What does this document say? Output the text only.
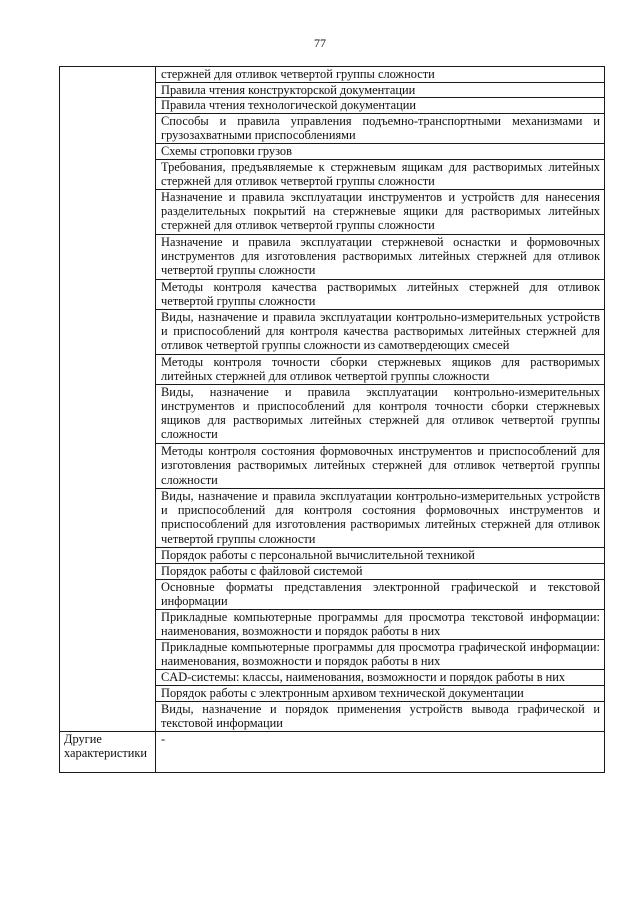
77
	стержней для отливок четвертой группы сложности
	Правила чтения конструкторской документации
	Правила чтения технологической документации
	Способы и правила управления подъемно-транспортными механизмами и грузозахватными приспособлениями
	Схемы строповки грузов
	Требования, предъявляемые к стержневым ящикам для растворимых литейных стержней для отливок четвертой группы сложности
	Назначение и правила эксплуатации инструментов и устройств для нанесения разделительных покрытий на стержневые ящики для растворимых литейных стержней для отливок четвертой группы сложности
	Назначение и правила эксплуатации стержневой оснастки и формовочных инструментов для изготовления растворимых литейных стержней для отливок четвертой группы сложности
	Методы контроля качества растворимых литейных стержней для отливок четвертой группы сложности
	Виды, назначение и правила эксплуатации контрольно-измерительных устройств и приспособлений для контроля качества растворимых литейных стержней для отливок четвертой группы сложности из самотвердеющих смесей
	Методы контроля точности сборки стержневых ящиков для растворимых литейных стержней для отливок четвертой группы сложности
	Виды, назначение и правила эксплуатации контрольно-измерительных инструментов и приспособлений для контроля точности сборки стержневых ящиков для растворимых литейных стержней для отливок четвертой группы сложности
	Методы контроля состояния формовочных инструментов и приспособлений для изготовления растворимых литейных стержней для отливок четвертой группы сложности
	Виды, назначение и правила эксплуатации контрольно-измерительных устройств и приспособлений для контроля состояния формовочных инструментов и приспособлений для изготовления растворимых литейных стержней для отливок четвертой группы сложности
	Порядок работы с персональной вычислительной техникой
	Порядок работы с файловой системой
	Основные форматы представления электронной графической и текстовой информации
	Прикладные компьютерные программы для просмотра текстовой информации: наименования, возможности и порядок работы в них
	Прикладные компьютерные программы для просмотра графической информации: наименования, возможности и порядок работы в них
	CAD-системы: классы, наименования, возможности и порядок работы в них
	Порядок работы с электронным архивом технической документации
	Виды, назначение и порядок применения устройств вывода графической и текстовой информации
Другие характеристики	-
